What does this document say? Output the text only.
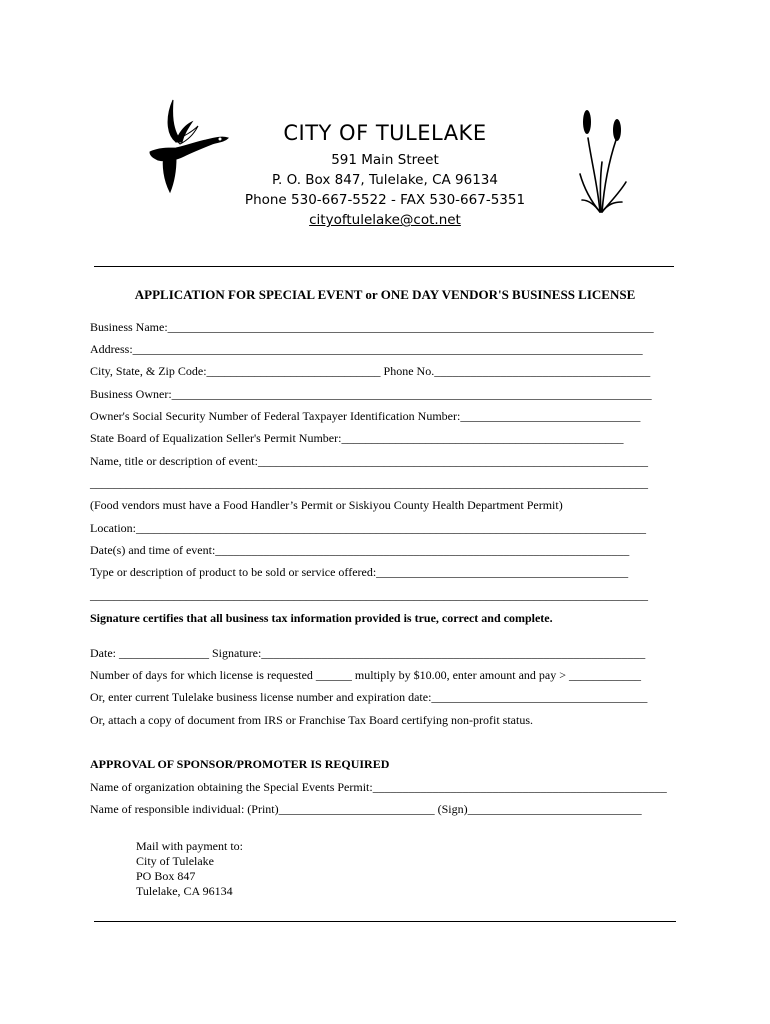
CITY OF TULELAKE
591 Main Street
P. O. Box 847, Tulelake, CA 96134
Phone 530-667-5522 - FAX 530-667-5351
cityoftulelake@cot.net
APPLICATION FOR SPECIAL EVENT or ONE DAY VENDOR'S BUSINESS LICENSE
Business Name:_________________________________________________________________________________
Address:_____________________________________________________________________________________
City, State, & Zip Code:_____________________________ Phone No.____________________________________
Business Owner:________________________________________________________________________________
Owner's Social Security Number of Federal Taxpayer Identification Number:______________________________
State Board of Equalization Seller's Permit Number:_______________________________________________
Name, title or description of event:_________________________________________________________________
_____________________________________________________________________________________________
(Food vendors must have a Food Handler’s Permit or Siskiyou County Health Department Permit)
Location:_____________________________________________________________________________________
Date(s) and time of event:_____________________________________________________________________
Type or description of product to be sold or service offered:__________________________________________
_____________________________________________________________________________________________
Signature certifies that all business tax information provided is true, correct and complete.
Date: _______________ Signature:________________________________________________________________
Number of days for which license is requested ______ multiply by $10.00, enter amount and pay > ____________
Or, enter current Tulelake business license number and expiration date:____________________________________
Or, attach a copy of document from IRS or Franchise Tax Board certifying non-profit status.
APPROVAL OF SPONSOR/PROMOTER IS REQUIRED
Name of organization obtaining the Special Events Permit:_________________________________________________
Name of responsible individual: (Print)__________________________ (Sign)_____________________________
Mail with payment to:
City of Tulelake
PO Box 847
Tulelake, CA 96134
